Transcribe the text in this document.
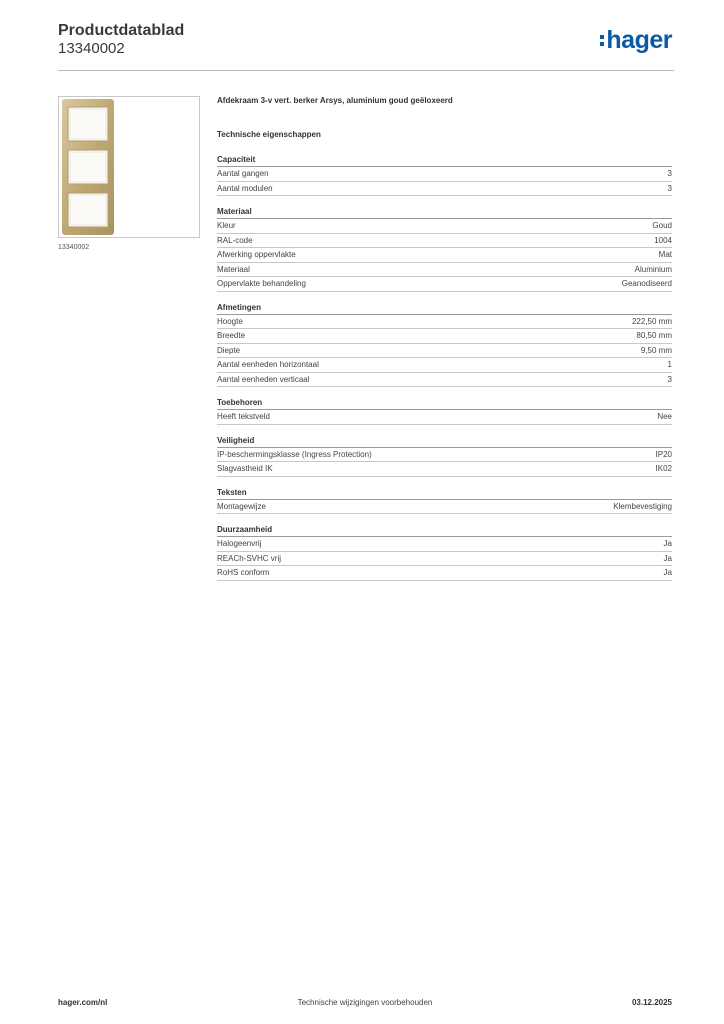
Productdatablad
13340002	hager
13340002
Afdekraam 3-v vert. berker Arsys, aluminium goud geëloxeerd
Technische eigenschappen
Capaciteit
Aantal gangen	3
Aantal modulen	3
Materiaal
Kleur	Goud
RAL-code	1004
Afwerking oppervlakte	Mat
Materiaal	Aluminium
Oppervlakte behandeling	Geanodiseerd
Afmetingen
Hoogte	222,50 mm
Breedte	80,50 mm
Diepte	9,50 mm
Aantal eenheden horizontaal	1
Aantal eenheden verticaal	3
Toebehoren
Heeft tekstveld	Nee
Veiligheid
IP-beschermingsklasse (Ingress Protection)	IP20
Slagvastheid IK	IK02
Teksten
Montagewijze	Klembevestiging
Duurzaamheid
Halogeenvrij	Ja
REACh-SVHC vrij	Ja
RoHS conform	Ja
hager.com/nl	Technische wijzigingen voorbehouden	03.12.2025
